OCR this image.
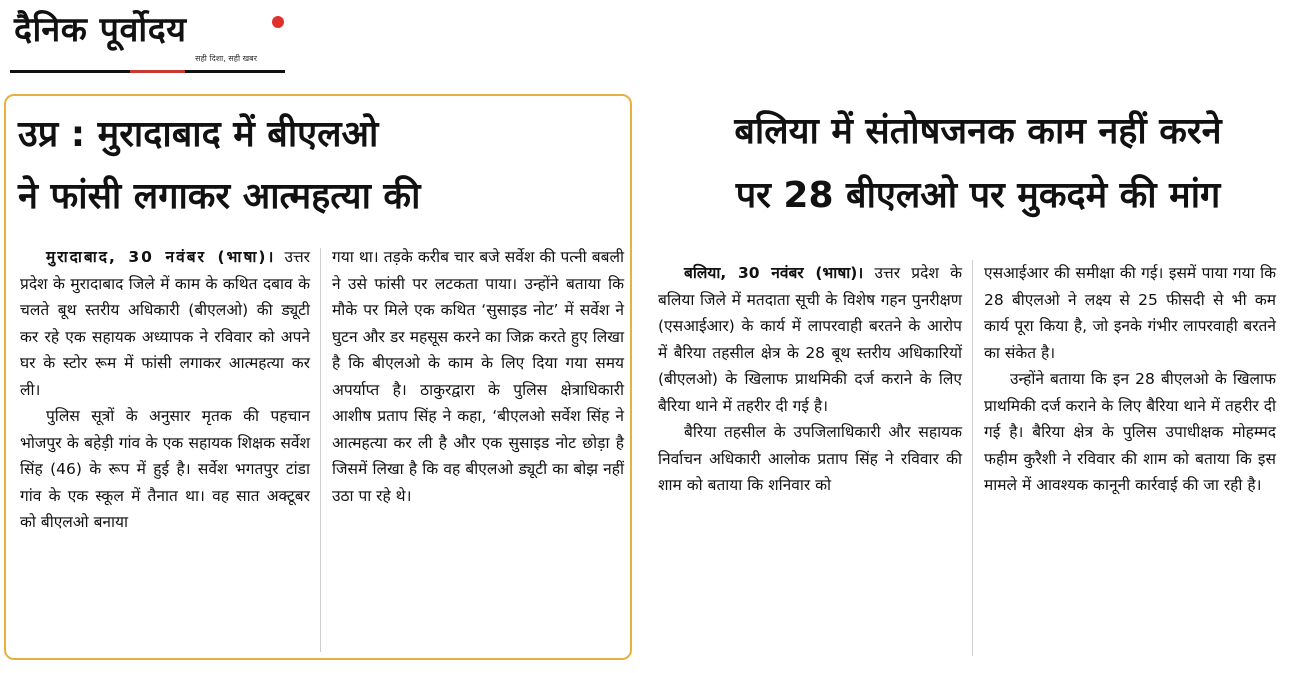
दैनिक पूर्वोदय
सही दिशा, सही खबर
उप्र : मुरादाबाद में बीएलओ
ने फांसी लगाकर आत्महत्या की

मुरादाबाद, 30 नवंबर (भाषा)। उत्तर प्रदेश के मुरादाबाद जिले में काम के कथित दबाव के चलते बूथ स्तरीय अधिकारी (बीएलओ) की ड्यूटी कर रहे एक सहायक अध्यापक ने रविवार को अपने घर के स्टोर रूम में फांसी लगाकर आत्महत्या कर ली।

पुलिस सूत्रों के अनुसार मृतक की पहचान भोजपुर के बहेड़ी गांव के एक सहायक शिक्षक सर्वेश सिंह (46) के रूप में हुई है। सर्वेश भगतपुर टांडा गांव के एक स्कूल में तैनात था। वह सात अक्टूबर को बीएलओ बनाया

गया था। तड़के करीब चार बजे सर्वेश की पत्नी बबली ने उसे फांसी पर लटकता पाया। उन्होंने बताया कि मौके पर मिले एक कथित ‘सुसाइड नोट’ में सर्वेश ने घुटन और डर महसूस करने का जिक्र करते हुए लिखा है कि बीएलओ के काम के लिए दिया गया समय अपर्याप्त है। ठाकुरद्वारा के पुलिस क्षेत्राधिकारी आशीष प्रताप सिंह ने कहा, ‘बीएलओ सर्वेश सिंह ने आत्महत्या कर ली है और एक सुसाइड नोट छोड़ा है जिसमें लिखा है कि वह बीएलओ ड्यूटी का बोझ नहीं उठा पा रहे थे।

बलिया में संतोषजनक काम नहीं करने
पर 28 बीएलओ पर मुकदमे की मांग

बलिया, 30 नवंबर (भाषा)। उत्तर प्रदेश के बलिया जिले में मतदाता सूची के विशेष गहन पुनरीक्षण (एसआईआर) के कार्य में लापरवाही बरतने के आरोप में बैरिया तहसील क्षेत्र के 28 बूथ स्तरीय अधिकारियों (बीएलओ) के खिलाफ प्राथमिकी दर्ज कराने के लिए बैरिया थाने में तहरीर दी गई है।

बैरिया तहसील के उपजिलाधिकारी और सहायक निर्वाचन अधिकारी आलोक प्रताप सिंह ने रविवार की शाम को बताया कि शनिवार को

एसआईआर की समीक्षा की गई। इसमें पाया गया कि 28 बीएलओ ने लक्ष्य से 25 फीसदी से भी कम कार्य पूरा किया है, जो इनके गंभीर लापरवाही बरतने का संकेत है।

उन्होंने बताया कि इन 28 बीएलओ के खिलाफ प्राथमिकी दर्ज कराने के लिए बैरिया थाने में तहरीर दी गई है। बैरिया क्षेत्र के पुलिस उपाधीक्षक मोहम्मद फहीम कुरैशी ने रविवार की शाम को बताया कि इस मामले में आवश्यक कानूनी कार्रवाई की जा रही है।
